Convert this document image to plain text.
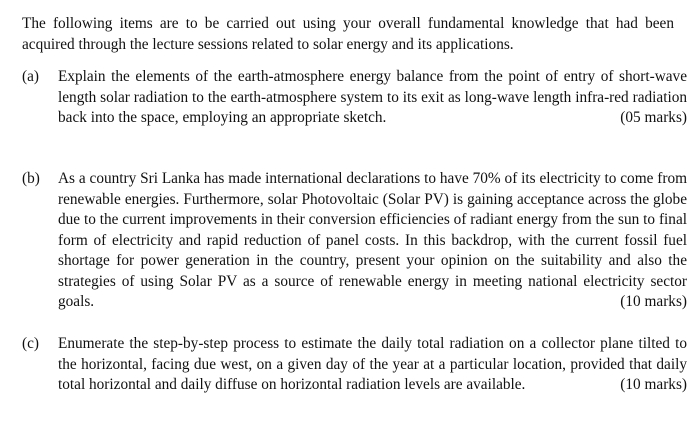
The following items are to be carried out using your overall fundamental knowledge that had been acquired through the lecture sessions related to solar energy and its applications.

(a)	Explain the elements of the earth-atmosphere energy balance from the point of entry of short-wave length solar radiation to the earth-atmosphere system to its exit as long-wave length infra-red radiation back into the space, employing an appropriate sketch.	(05 marks)
(b)	As a country Sri Lanka has made international declarations to have 70% of its electricity to come from renewable energies. Furthermore, solar Photovoltaic (Solar PV) is gaining acceptance across the globe due to the current improvements in their conversion efficiencies of radiant energy from the sun to final form of electricity and rapid reduction of panel costs. In this backdrop, with the current fossil fuel shortage for power generation in the country, present your opinion on the suitability and also the strategies of using Solar PV as a source of renewable energy in meeting national electricity sector goals.	(10 marks)
(c)	Enumerate the step-by-step process to estimate the daily total radiation on a collector plane tilted to the horizontal, facing due west, on a given day of the year at a particular location, provided that daily total horizontal and daily diffuse on horizontal radiation levels are available.	(10 marks)
